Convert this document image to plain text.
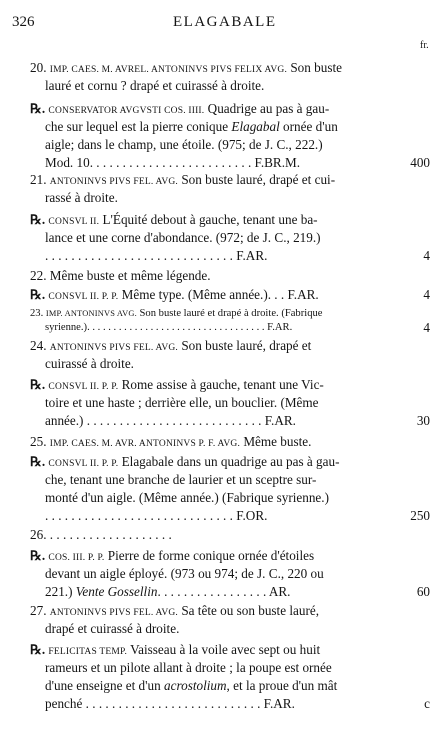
326	ELAGABALE
fr.
20. IMP. CAES. M. AVREL. ANTONINVS PIVS FELIX AVG. Son buste
lauré et cornu ? drapé et cuirassé à droite.
℞. CONSERVATOR AVGVSTI COS. IIII. Quadrige au pas à gau-
che sur lequel est la pierre conique Elagabal ornée d'un
aigle; dans le champ, une étoile. (975; de J. C., 222.)
Mod. 10. . . . . . . . . . . . . . . . . . . . . . . . . F.BR.M.
21. ANTONINVS PIVS FEL. AVG. Son buste lauré, drapé et cui-
rassé à droite.
℞. CONSVL II. L'Équité debout à gauche, tenant une ba-
lance et une corne d'abondance. (972; de J. C., 219.)
. . . . . . . . . . . . . . . . . . . . . . . . . . . . . F.AR.
22. Même buste et même légende.
℞. CONSVL II. P. P. Même type. (Même année.). . . F.AR.
23. IMP. ANTONINVS AVG. Son buste lauré et drapé à droite. (Fabrique
syrienne.). . . . . . . . . . . . . . . . . . . . . . . . . . . . . . . . . . F.AR.
24. ANTONINVS PIVS FEL. AVG. Son buste lauré, drapé et
cuirassé à droite.
℞. CONSVL II. P. P. Rome assise à gauche, tenant une Vic-
toire et une haste ; derrière elle, un bouclier. (Même
année.) . . . . . . . . . . . . . . . . . . . . . . . . . . . F.AR.
25. IMP. CAES. M. AVR. ANTONINVS P. F. AVG. Même buste.
℞. CONSVL II. P. P. Elagabale dans un quadrige au pas à gau-
che, tenant une branche de laurier et un sceptre sur-
monté d'un aigle. (Même année.) (Fabrique syrienne.)
. . . . . . . . . . . . . . . . . . . . . . . . . . . . . F.OR.
26. . . . . . . . . . . . . . . . . . . .
℞. COS. III. P. P. Pierre de forme conique ornée d'étoiles
devant un aigle éployé. (973 ou 974; de J. C., 220 ou
221.) Vente Gossellin. . . . . . . . . . . . . . . . . AR.
27. ANTONINVS PIVS FEL. AVG. Sa tête ou son buste lauré,
drapé et cuirassé à droite.
℞. FELICITAS TEMP. Vaisseau à la voile avec sept ou huit
rameurs et un pilote allant à droite ; la poupe est ornée
d'une enseigne et d'un acrostolium, et la proue d'un mât
penché . . . . . . . . . . . . . . . . . . . . . . . . . . . F.AR.
400
4
4
4
30
250
60
c
